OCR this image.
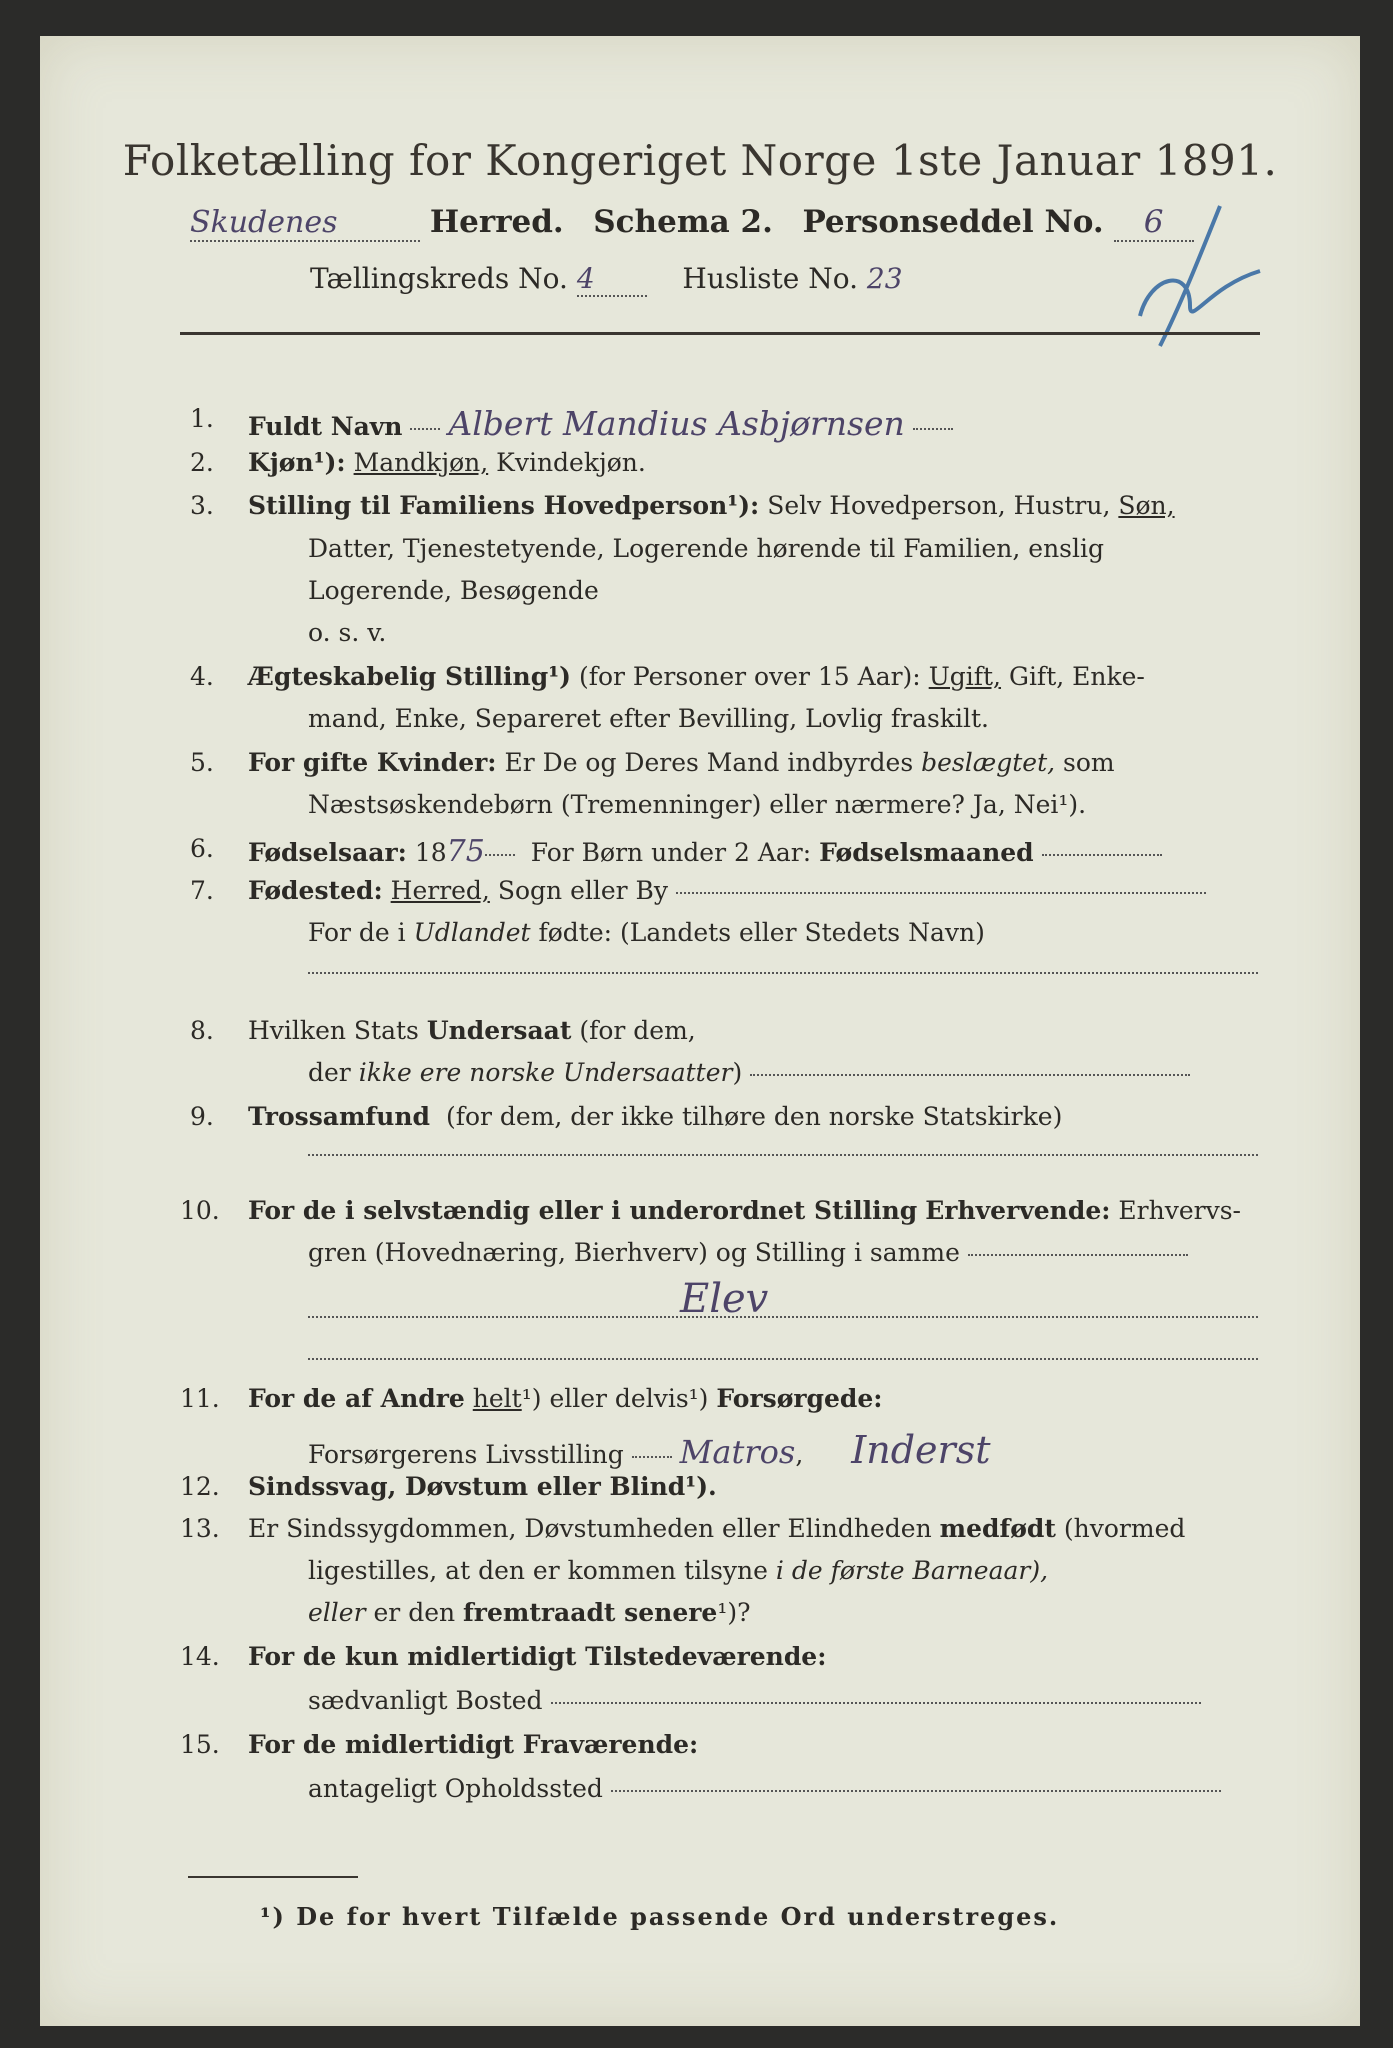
Folketælling for Kongeriget Norge 1ste Januar 1891.
Skudenes	Herred. Schema 2. Personseddel No. 6
Tællingskreds No. 4	Husliste No. 23
1. Fuldt Navn Albert Mandius Asbjørnsen
2. Kjøn¹): Mandkjøn, Kvindekjøn.
3. Stilling til Familiens Hovedperson¹): Selv Hovedperson, Hustru, Søn,
Datter, Tjenestetyende, Logerende hørende til Familien, enslig
Logerende, Besøgende
o. s. v.
4. Ægteskabelig Stilling¹) (for Personer over 15 Aar): Ugift, Gift, Enke-
mand, Enke, Separeret efter Bevilling, Lovlig fraskilt.
5. For gifte Kvinder: Er De og Deres Mand indbyrdes beslægtet, som
Næstsøskendebørn (Tremenninger) eller nærmere? Ja, Nei¹).
6. Fødselsaar: 1875 For Børn under 2 Aar: Fødselsmaaned
7. Fødested: Herred, Sogn eller By
For de i Udlandet fødte: (Landets eller Stedets Navn)
8. Hvilken Stats Undersaat (for dem,
der ikke ere norske Undersaatter)
9. Trossamfund (for dem, der ikke tilhøre den norske Statskirke)
10. For de i selvstændig eller i underordnet Stilling Erhvervende: Erhvervs-
gren (Hovednæring, Bierhverv) og Stilling i samme
Elev
11. For de af Andre helt¹) eller delvis¹) Forsørgede:
Forsørgerens Livsstilling Matros, Inderst
12. Sindssvag, Døvstum eller Blind¹).
13. Er Sindssygdommen, Døvstumheden eller Elindheden medfødt (hvormed
ligestilles, at den er kommen tilsyne i de første Barneaar),
eller er den fremtraadt senere¹)?
14. For de kun midlertidigt Tilstedeværende:
sædvanligt Bosted
15. For de midlertidigt Fraværende:
antageligt Opholdssted
¹) De for hvert Tilfælde passende Ord understreges.
